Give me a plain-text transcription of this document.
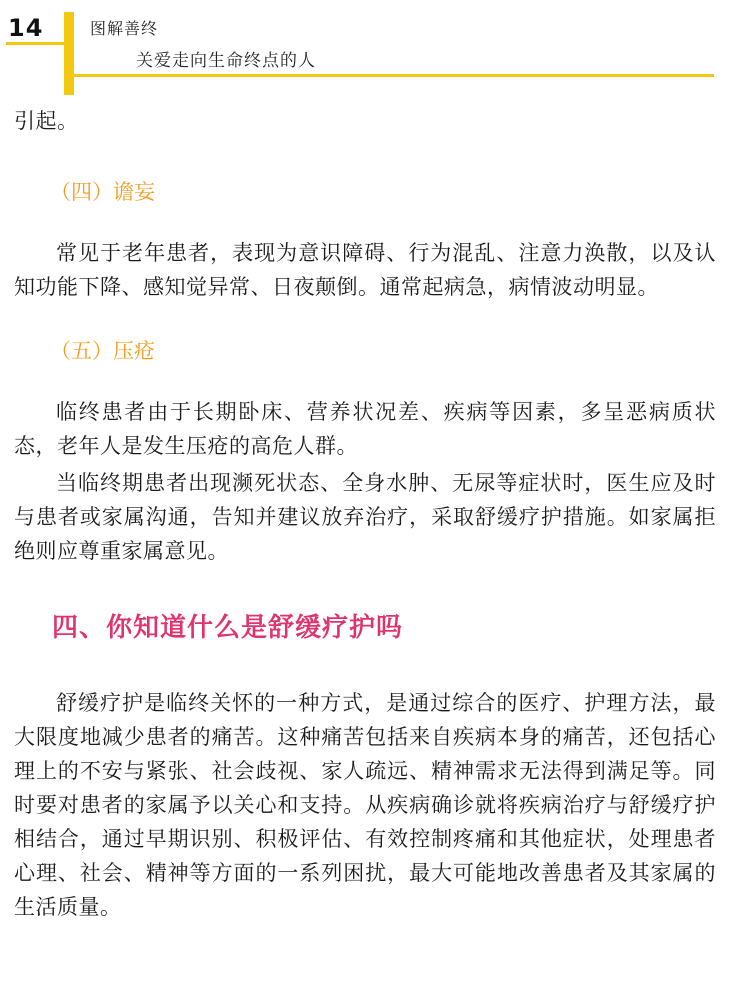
14	图解善终
关爱走向生命终点的人

引起。

（四）谵妄

常见于老年患者，表现为意识障碍、行为混乱、注意力涣散，以及认知功能下降、感知觉异常、日夜颠倒。通常起病急，病情波动明显。

（五）压疮

临终患者由于长期卧床、营养状况差、疾病等因素，多呈恶病质状态，老年人是发生压疮的高危人群。

当临终期患者出现濒死状态、全身水肿、无尿等症状时，医生应及时与患者或家属沟通，告知并建议放弃治疗，采取舒缓疗护措施。如家属拒绝则应尊重家属意见。

四、你知道什么是舒缓疗护吗

舒缓疗护是临终关怀的一种方式，是通过综合的医疗、护理方法，最大限度地减少患者的痛苦。这种痛苦包括来自疾病本身的痛苦，还包括心理上的不安与紧张、社会歧视、家人疏远、精神需求无法得到满足等。同时要对患者的家属予以关心和支持。从疾病确诊就将疾病治疗与舒缓疗护相结合，通过早期识别、积极评估、有效控制疼痛和其他症状，处理患者心理、社会、精神等方面的一系列困扰，最大可能地改善患者及其家属的生活质量。
